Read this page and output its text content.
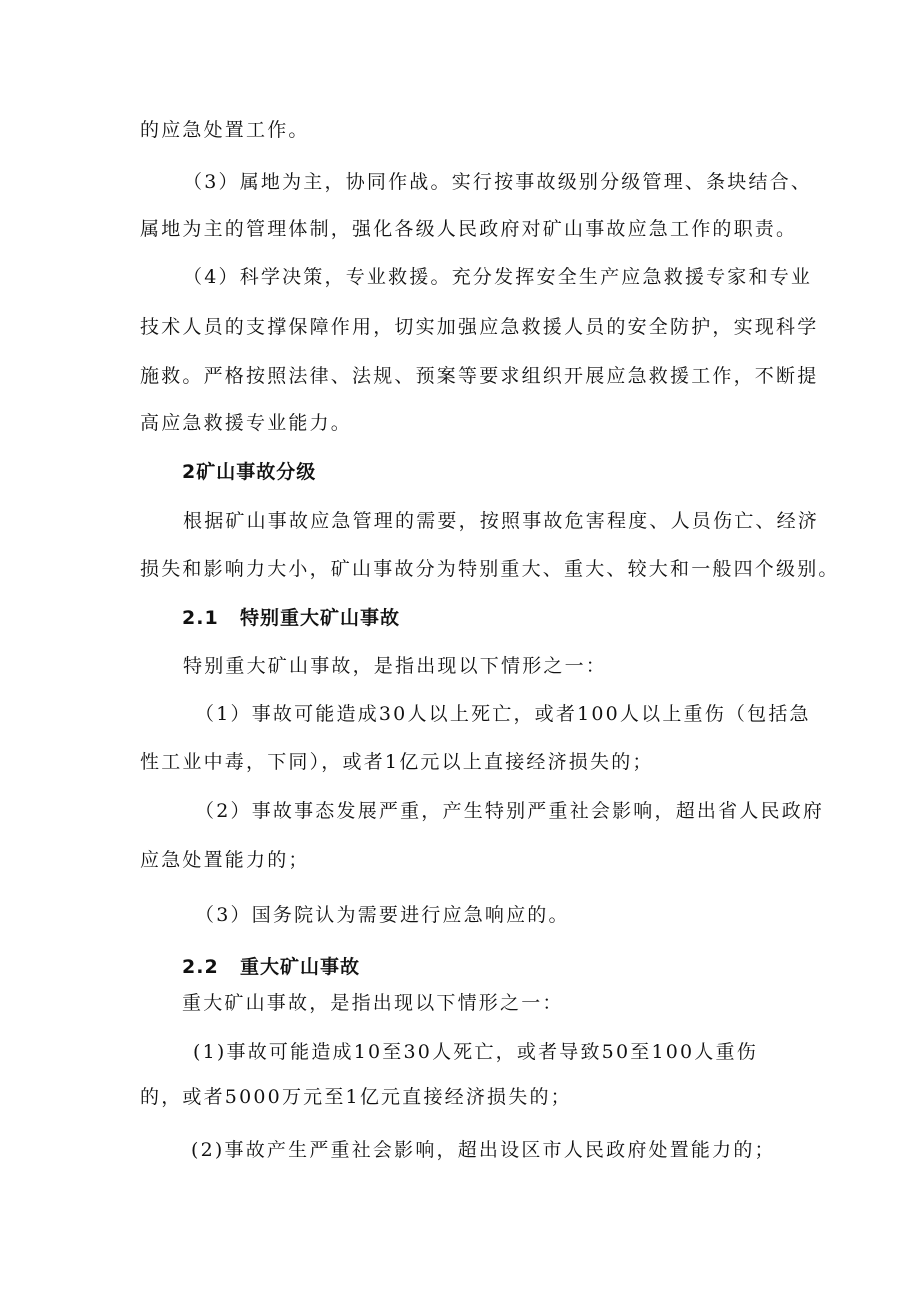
的应急处置工作。
（3）属地为主，协同作战。实行按事故级别分级管理、条块结合、
属地为主的管理体制，强化各级人民政府对矿山事故应急工作的职责。
（4）科学决策，专业救援。充分发挥安全生产应急救援专家和专业
技术人员的支撑保障作用，切实加强应急救援人员的安全防护，实现科学
施救。严格按照法律、法规、预案等要求组织开展应急救援工作，不断提
高应急救援专业能力。
2矿山事故分级
根据矿山事故应急管理的需要，按照事故危害程度、人员伤亡、经济
损失和影响力大小，矿山事故分为特别重大、重大、较大和一般四个级别。
2.1 特别重大矿山事故
特别重大矿山事故，是指出现以下情形之一：
（1）事故可能造成30人以上死亡，或者100人以上重伤（包括急
性工业中毒，下同），或者1亿元以上直接经济损失的；
（2）事故事态发展严重，产生特别严重社会影响，超出省人民政府
应急处置能力的；
（3）国务院认为需要进行应急响应的。
2.2 重大矿山事故
重大矿山事故，是指出现以下情形之一：
(1)事故可能造成10至30人死亡，或者导致50至100人重伤
的，或者5000万元至1亿元直接经济损失的；
(2)事故产生严重社会影响，超出设区市人民政府处置能力的；
